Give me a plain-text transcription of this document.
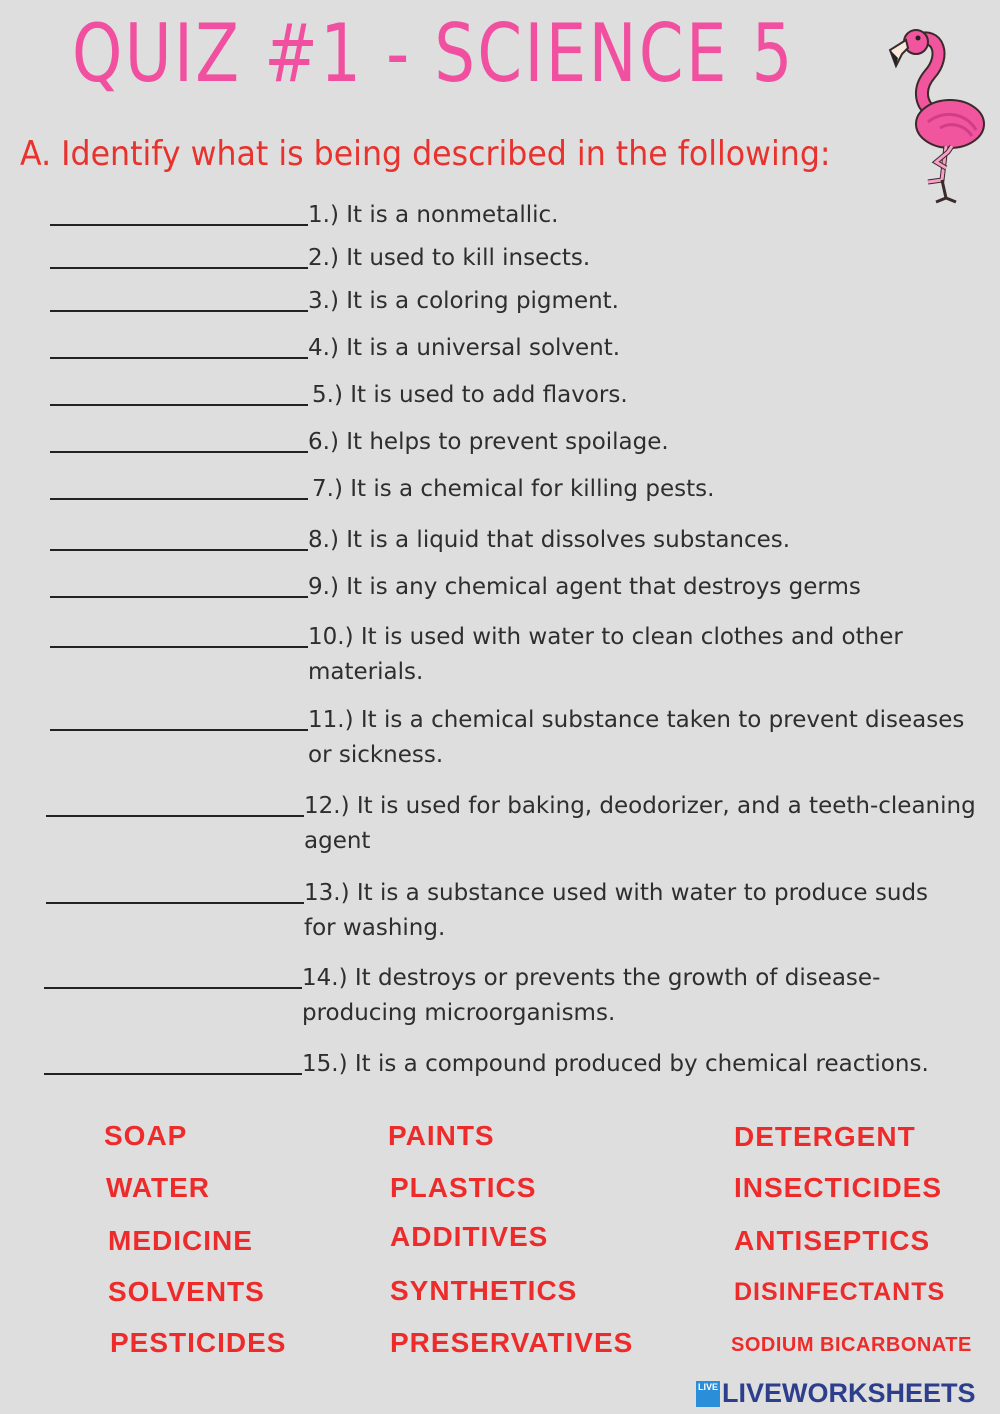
QUIZ #1 - SCIENCE 5
A. Identify what is being described in the following:
1.) It is a nonmetallic.
2.) It used to kill insects.
3.) It is a coloring pigment.
4.) It is a universal solvent.
5.) It is used to add flavors.
6.) It helps to prevent spoilage.
7.) It is a chemical for killing pests.
8.) It is a liquid that dissolves substances.
9.) It is any chemical agent that destroys germs
10.) It is used with water to clean clothes and other materials.
11.) It is a chemical substance taken to prevent diseases or sickness.
12.) It is used for baking, deodorizer, and a teeth-cleaning agent
13.) It is a substance used with water to produce suds for washing.
14.) It destroys or prevents the growth of disease-producing microorganisms.
15.) It is a compound produced by chemical reactions.
SOAP
WATER
MEDICINE
SOLVENTS
PESTICIDES
PAINTS
PLASTICS
ADDITIVES
SYNTHETICS
PRESERVATIVES
DETERGENT
INSECTICIDES
ANTISEPTICS
DISINFECTANTS
SODIUM BICARBONATE
LIVE LIVEWORKSHEETS
